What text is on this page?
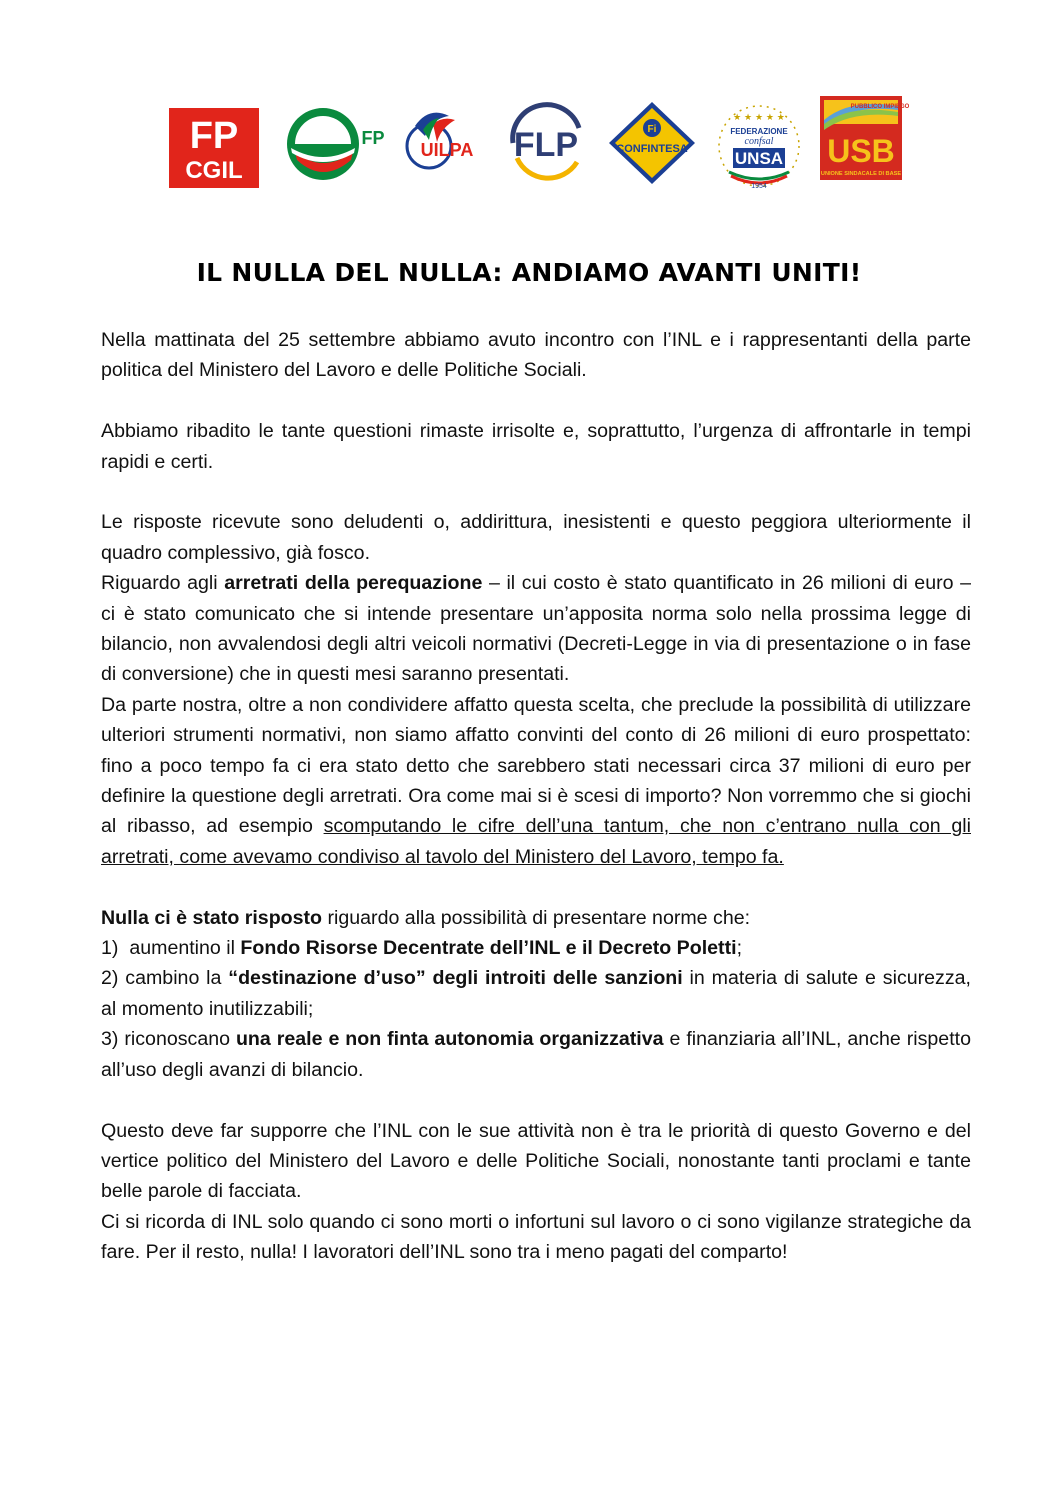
FP
CGIL
CISL FP
UILPA FLP	Fi
CONFINTESA
★ ★ ★ ★ ★
FEDERAZIONE
confsal
UNSA
1954
PUBBLICO IMPIEGO
USB
UNIONE SINDACALE DI BASE
IL NULLA DEL NULLA: ANDIAMO AVANTI UNITI!

Nella mattinata del 25 settembre abbiamo avuto incontro con l’INL e i rappresentanti della parte politica del Ministero del Lavoro e delle Politiche Sociali.

Abbiamo ribadito le tante questioni rimaste irrisolte e, soprattutto, l’urgenza di affrontarle in tempi rapidi e certi.

Le risposte ricevute sono deludenti o, addirittura, inesistenti e questo peggiora ulteriormente il quadro complessivo, già fosco.

Riguardo agli arretrati della perequazione – il cui costo è stato quantificato in 26 milioni di euro – ci è stato comunicato che si intende presentare un’apposita norma solo nella prossima legge di bilancio, non avvalendosi degli altri veicoli normativi (Decreti-Legge in via di presentazione o in fase di conversione) che in questi mesi saranno presentati.

Da parte nostra, oltre a non condividere affatto questa scelta, che preclude la possibilità di utilizzare ulteriori strumenti normativi, non siamo affatto convinti del conto di 26 milioni di euro prospettato: fino a poco tempo fa ci era stato detto che sarebbero stati necessari circa 37 milioni di euro per definire la questione degli arretrati. Ora come mai si è scesi di importo? Non vorremmo che si giochi al ribasso, ad esempio scomputando le cifre dell’una tantum, che non c’entrano nulla con gli arretrati, come avevamo condiviso al tavolo del Ministero del Lavoro, tempo fa.

Nulla ci è stato risposto riguardo alla possibilità di presentare norme che:

1)  aumentino il Fondo Risorse Decentrate dell’INL e il Decreto Poletti;

2) cambino la “destinazione d’uso” degli introiti delle sanzioni in materia di salute e sicurezza, al momento inutilizzabili;

3) riconoscano una reale e non finta autonomia organizzativa e finanziaria all’INL, anche rispetto all’uso degli avanzi di bilancio.

Questo deve far supporre che l’INL con le sue attività non è tra le priorità di questo Governo e del vertice politico del Ministero del Lavoro e delle Politiche Sociali, nonostante tanti proclami e tante belle parole di facciata.

Ci si ricorda di INL solo quando ci sono morti o infortuni sul lavoro o ci sono vigilanze strategiche da fare. Per il resto, nulla! I lavoratori dell’INL sono tra i meno pagati del comparto!
